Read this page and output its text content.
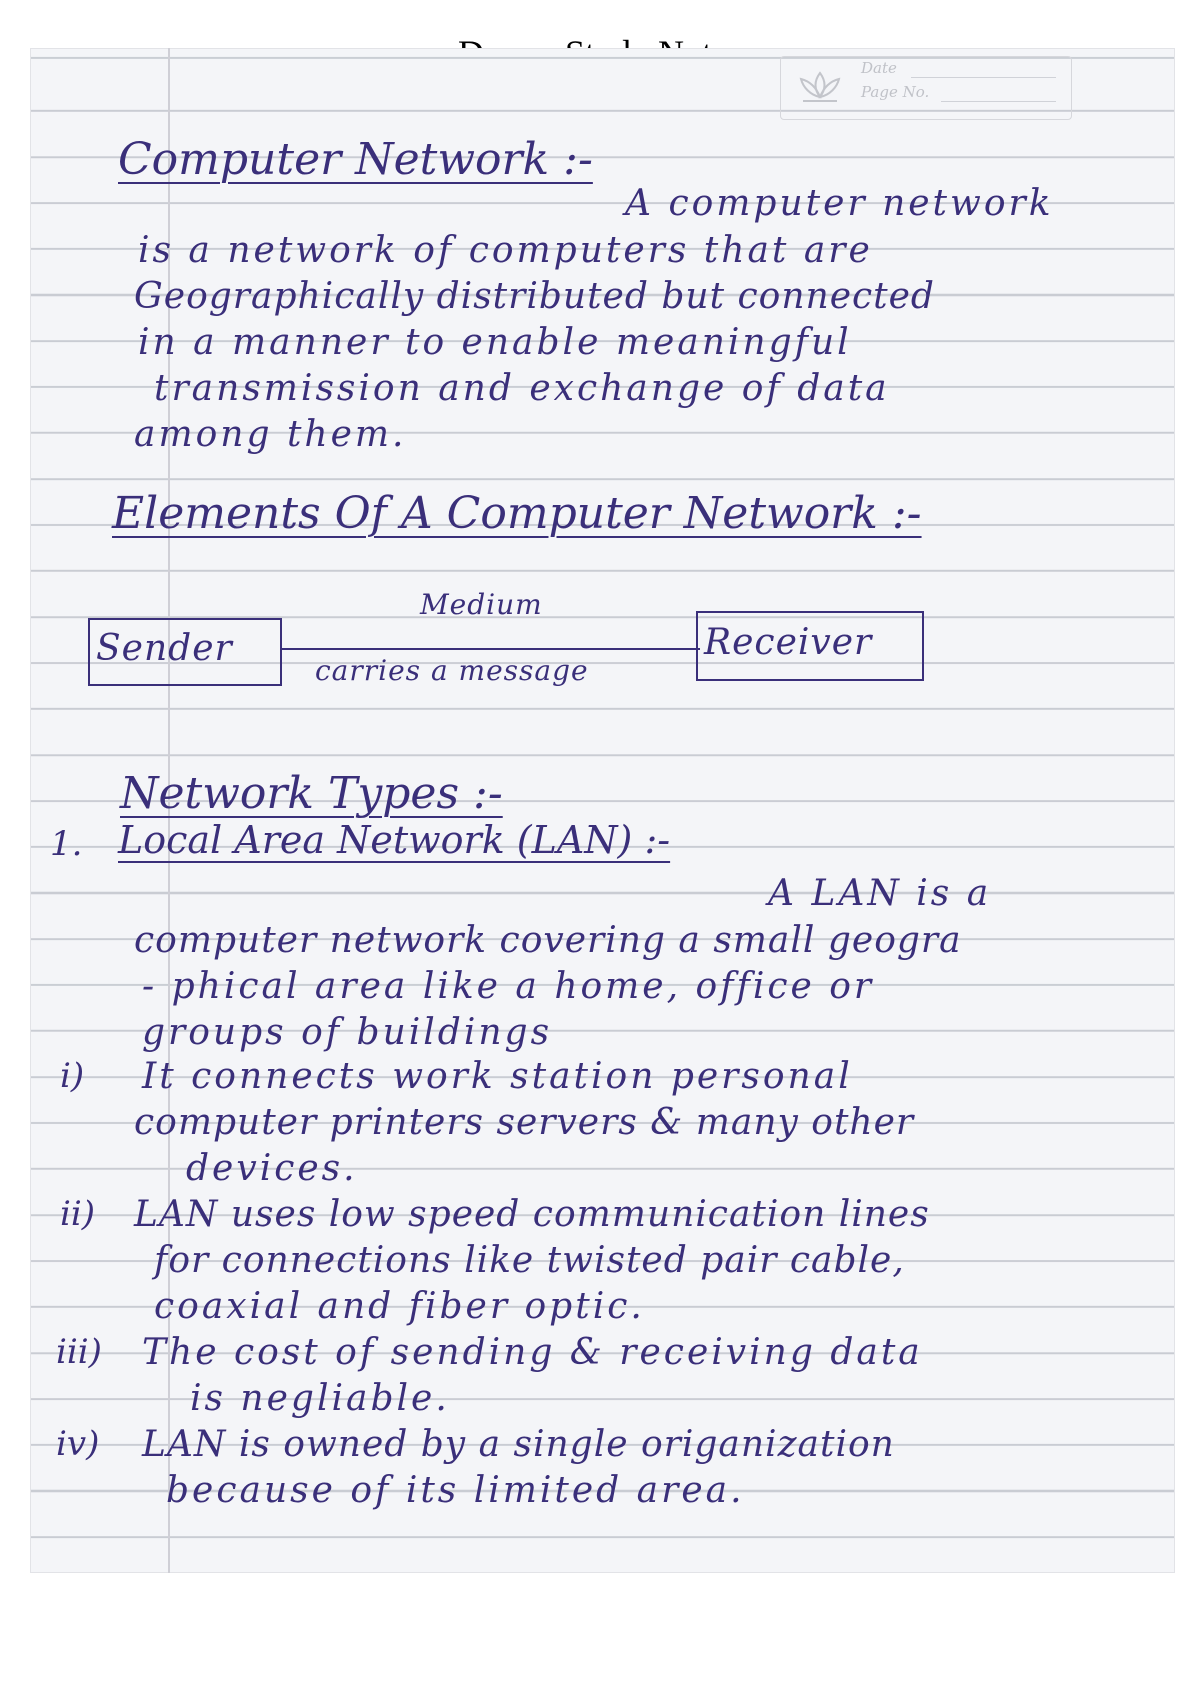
Date
Page No.
Computer Network :-
A computer network
is a network of computers that are
Geographically distributed but connected
in a manner to enable meaningful
transmission and exchange of data
among them.
Elements Of A Computer Network :-
Medium
Sender
carries a message
Receiver
Network Types :-
1. Local Area Network (LAN) :-
A LAN is a
computer network covering a small geogra
- phical area like a home, office or
groups of buildings
i) It connects work station personal
computer printers servers & many other
devices.
ii) LAN uses low speed communication lines
for connections like twisted pair cable,
coaxial and fiber optic.
iii) The cost of sending & receiving data
is negliable.
iv) LAN is owned by a single origanization
because of its limited area.
